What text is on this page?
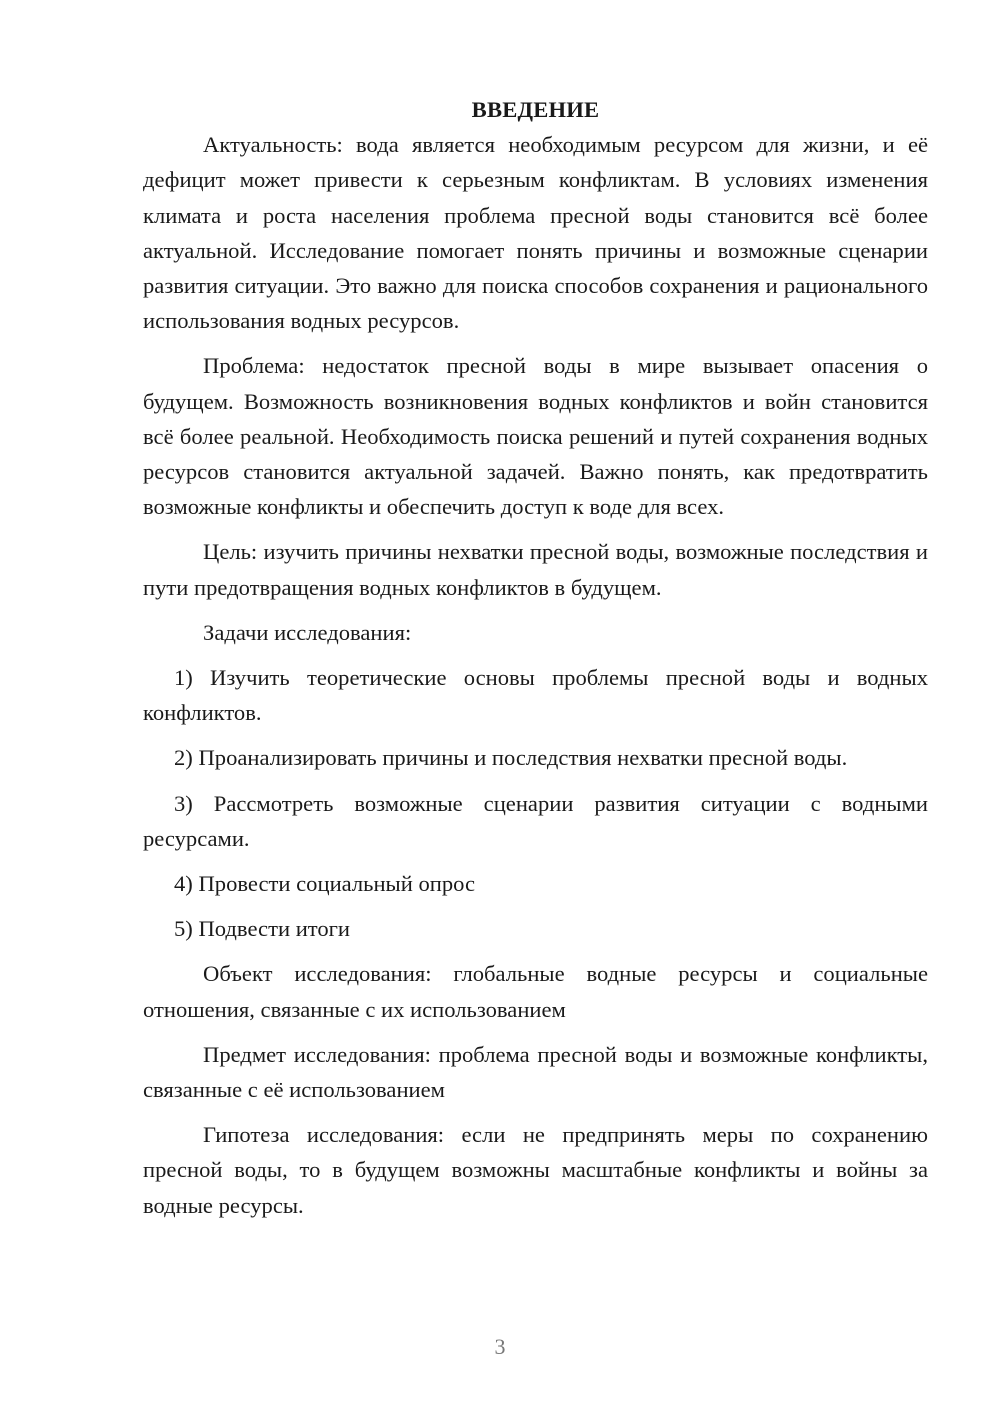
ВВЕДЕНИЕ

Актуальность: вода является необходимым ресурсом для жизни, и её дефицит может привести к серьезным конфликтам. В условиях изменения климата и роста населения проблема пресной воды становится всё более актуальной. Исследование помогает понять причины и возможные сценарии развития ситуации. Это важно для поиска способов сохранения и рационального использования водных ресурсов.

Проблема: недостаток пресной воды в мире вызывает опасения о будущем. Возможность возникновения водных конфликтов и войн становится всё более реальной. Необходимость поиска решений и путей сохранения водных ресурсов становится актуальной задачей. Важно понять, как предотвратить возможные конфликты и обеспечить доступ к воде для всех.

Цель: изучить причины нехватки пресной воды, возможные последствия и пути предотвращения водных конфликтов в будущем.

Задачи исследования:

1) Изучить теоретические основы проблемы пресной воды и водных конфликтов.

2) Проанализировать причины и последствия нехватки пресной воды.

3) Рассмотреть возможные сценарии развития ситуации с водными ресурсами.

4) Провести социальный опрос

5) Подвести итоги

Объект исследования: глобальные водные ресурсы и социальные отношения, связанные с их использованием

Предмет исследования: проблема пресной воды и возможные конфликты, связанные с её использованием

Гипотеза исследования: если не предпринять меры по сохранению пресной воды, то в будущем возможны масштабные конфликты и войны за водные ресурсы.

3
